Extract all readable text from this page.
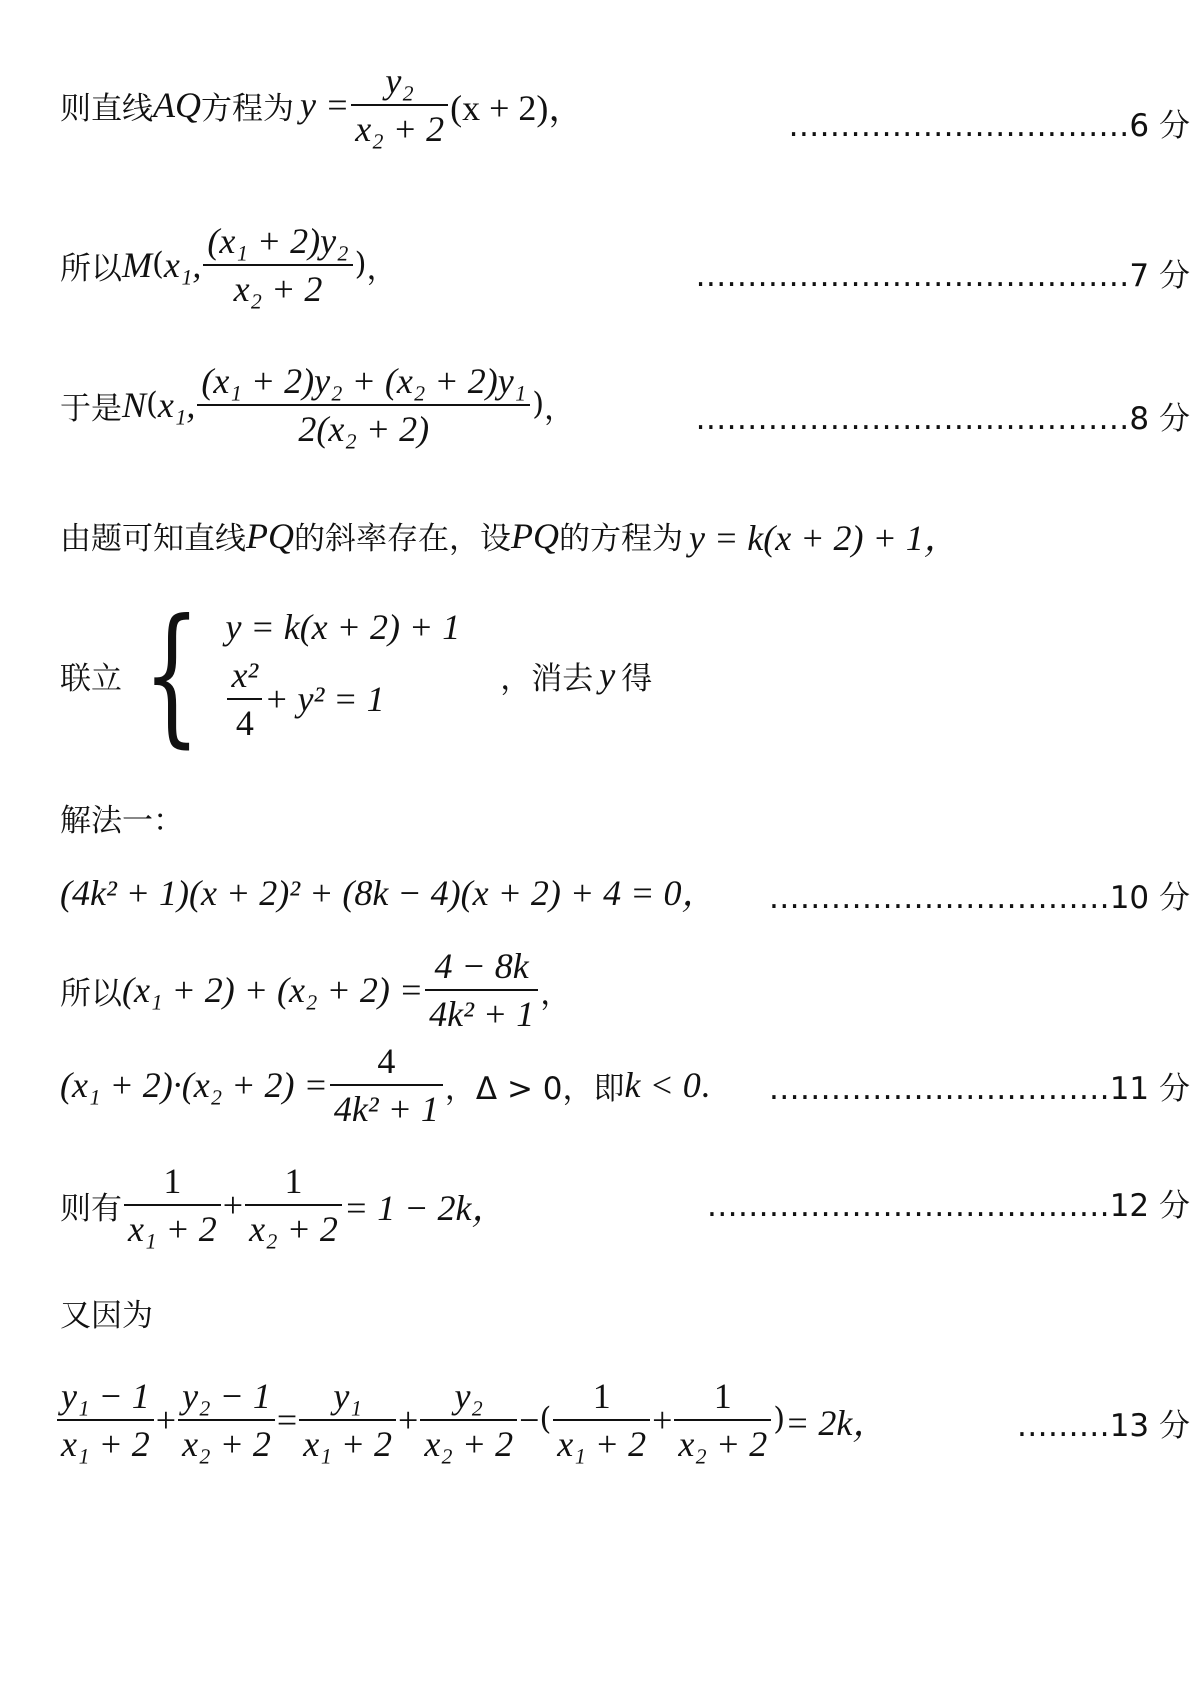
则直线 AQ 方程为 $y = \frac{\text{y₂}}{\text{x₂ + 2}} (x + 2)$，	……………………………6 分
所以 M ( x₁, $\frac{\text{(x₁ + 2)y₂}}{\text{x₂ + 2}}$ ) ，	……………………………………7 分
于是 N ( x₁, $\frac{\text{(x₁ + 2)y₂ + (x₂ + 2)y₁}}{\text{2(x₂ + 2)}}$ ) ，	……………………………………8 分
由题可知直线 PQ 的斜率存在，设 PQ 的方程为 y = k(x + 2) + 1，
联立 { y = k(x + 2) + 1
$\frac{\text{x²}}{4} + y^2 = 1$
，消去 y 得
解法一：
(4k² + 1)(x + 2)² + (8k − 4)(x + 2) + 4 = 0， ……………………………10 分
所以 $(x_1 + 2) + (x_2 + 2) = \frac{4 - 8k}{\text{4k² + 1}}$ ，
$(x_1 + 2)\cdot(x_2 + 2) = \frac{4}{\text{4k² + 1}}$ ，Δ > 0，即 k < 0 . ……………………………11 分
则有 $\frac{1}{\text{x₁ + 2}} + \frac{1}{\text{x₂ + 2}} = 1 - 2k$，	…………………………………12 分
又因为
$\frac{\text{y₁ − 1}}{\text{x₁ + 2}} + \frac{\text{y₂ − 1}}{\text{x₂ + 2}} = \frac{\text{y₁}}{\text{x₁ + 2}} + \frac{\text{y₂}}{\text{x₂ + 2}}$ − ( $\frac{1}{\text{x₁ + 2}} + \frac{1}{\text{x₂ + 2}}$ ) = 2k，	………13 分
